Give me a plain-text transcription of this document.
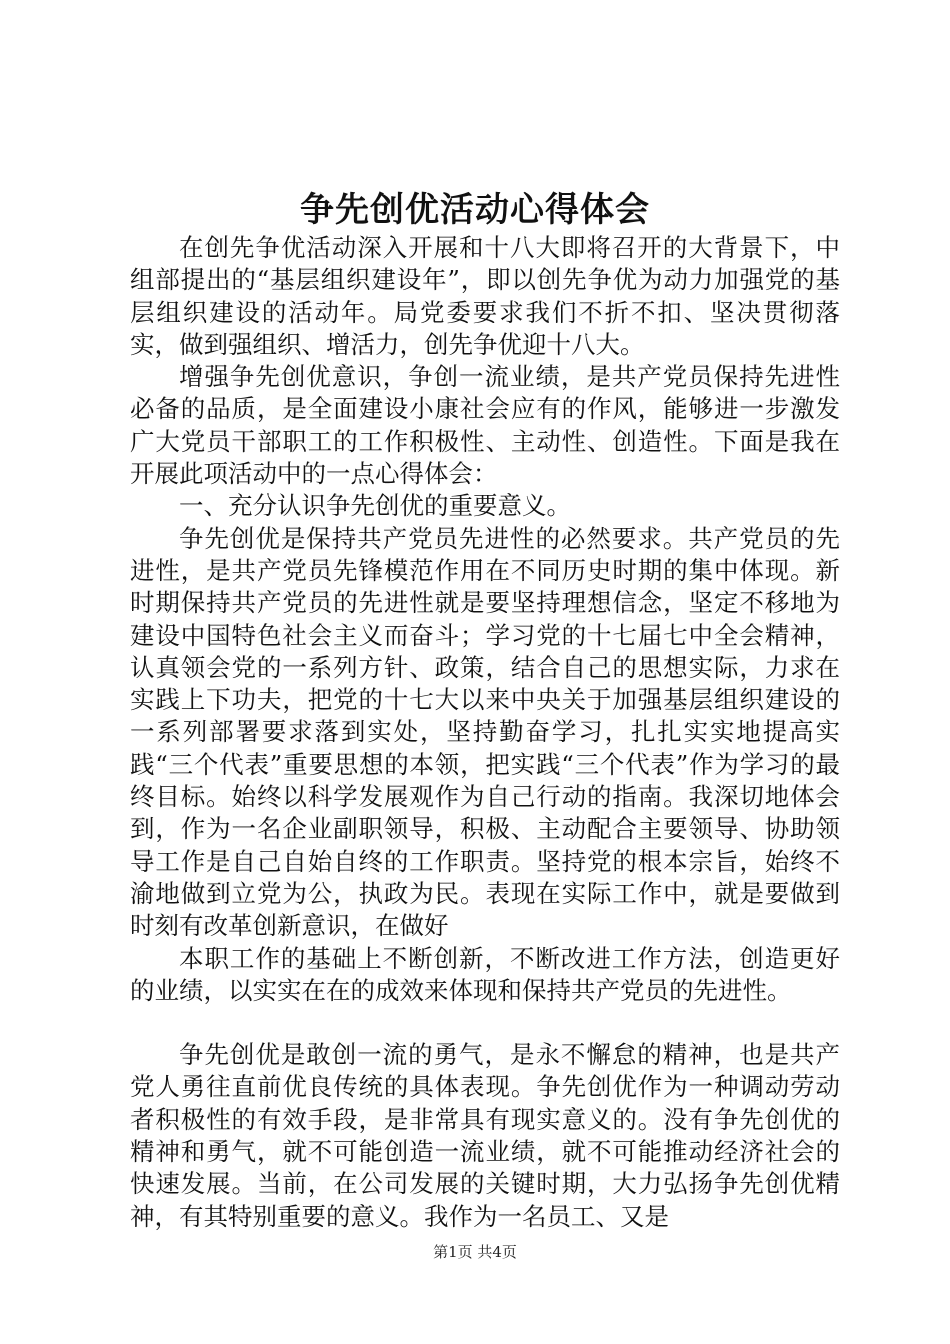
争先创优活动心得体会

在创先争优活动深入开展和十八大即将召开的大背景下，中组部提出的“基层组织建设年”，即以创先争优为动力加强党的基层组织建设的活动年。局党委要求我们不折不扣、坚决贯彻落实，做到强组织、增活力，创先争优迎十八大。

增强争先创优意识，争创一流业绩，是共产党员保持先进性必备的品质，是全面建设小康社会应有的作风，能够进一步激发广大党员干部职工的工作积极性、主动性、创造性。下面是我在开展此项活动中的一点心得体会：

一、充分认识争先创优的重要意义。

争先创优是保持共产党员先进性的必然要求。共产党员的先进性，是共产党员先锋模范作用在不同历史时期的集中体现。新时期保持共产党员的先进性就是要坚持理想信念，坚定不移地为建设中国特色社会主义而奋斗；学习党的十七届七中全会精神，认真领会党的一系列方针、政策，结合自己的思想实际，力求在实践上下功夫，把党的十七大以来中央关于加强基层组织建设的一系列部署要求落到实处，坚持勤奋学习，扎扎实实地提高实践“三个代表”重要思想的本领，把实践“三个代表”作为学习的最终目标。始终以科学发展观作为自己行动的指南。我深切地体会到，作为一名企业副职领导，积极、主动配合主要领导、协助领导工作是自己自始自终的工作职责。坚持党的根本宗旨，始终不渝地做到立党为公，执政为民。表现在实际工作中，就是要做到时刻有改革创新意识，在做好

本职工作的基础上不断创新，不断改进工作方法，创造更好的业绩，以实实在在的成效来体现和保持共产党员的先进性。

争先创优是敢创一流的勇气，是永不懈怠的精神，也是共产党人勇往直前优良传统的具体表现。争先创优作为一种调动劳动者积极性的有效手段，是非常具有现实意义的。没有争先创优的精神和勇气，就不可能创造一流业绩，就不可能推动经济社会的快速发展。当前，在公司发展的关键时期，大力弘扬争先创优精神，有其特别重要的意义。我作为一名员工、又是

第1页 共4页
